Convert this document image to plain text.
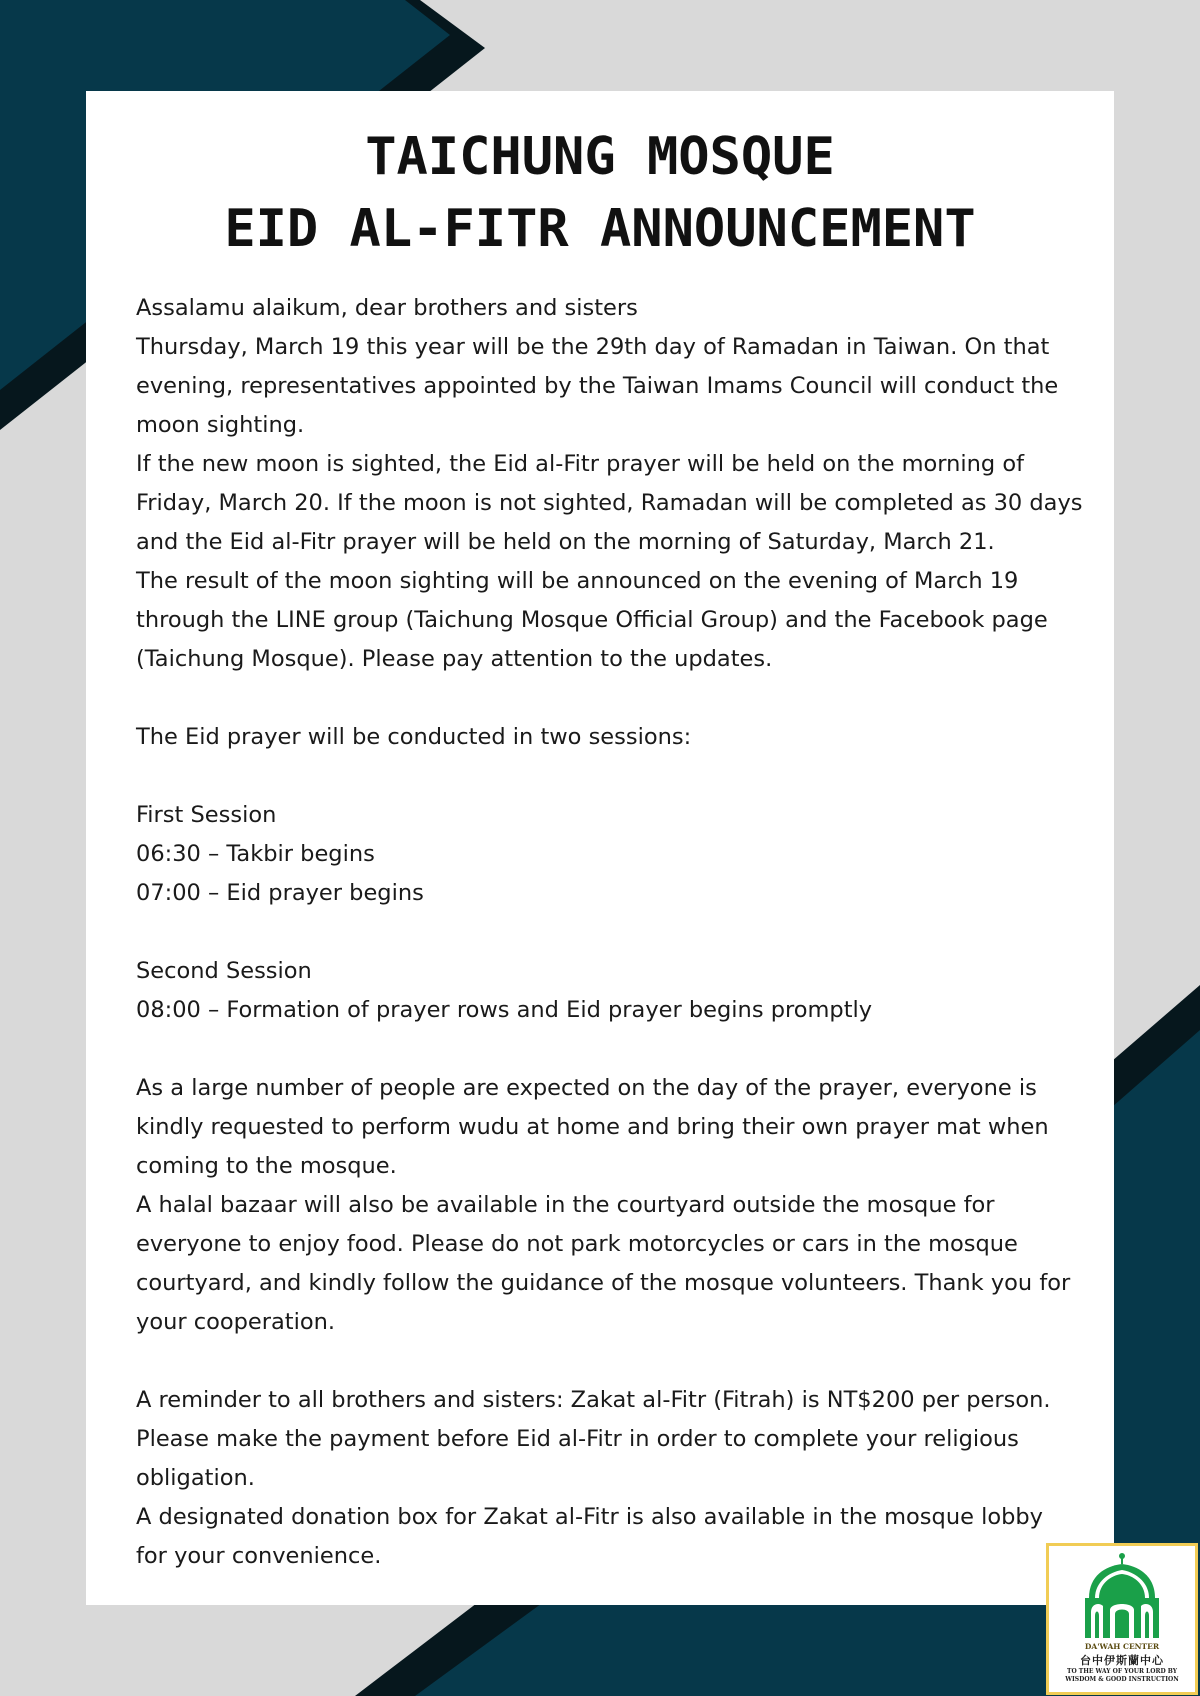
TAICHUNG MOSQUE
EID AL-FITR ANNOUNCEMENT

Assalamu alaikum, dear brothers and sisters

Thursday, March 19 this year will be the 29th day of Ramadan in Taiwan. On that

evening, representatives appointed by the Taiwan Imams Council will conduct the

moon sighting.

If the new moon is sighted, the Eid al-Fitr prayer will be held on the morning of

Friday, March 20. If the moon is not sighted, Ramadan will be completed as 30 days

and the Eid al-Fitr prayer will be held on the morning of Saturday, March 21.

The result of the moon sighting will be announced on the evening of March 19

through the LINE group (Taichung Mosque Official Group) and the Facebook page

(Taichung Mosque). Please pay attention to the updates.

The Eid prayer will be conducted in two sessions:

First Session

06:30 – Takbir begins

07:00 – Eid prayer begins

Second Session

08:00 – Formation of prayer rows and Eid prayer begins promptly

As a large number of people are expected on the day of the prayer, everyone is

kindly requested to perform wudu at home and bring their own prayer mat when

coming to the mosque.

A halal bazaar will also be available in the courtyard outside the mosque for

everyone to enjoy food. Please do not park motorcycles or cars in the mosque

courtyard, and kindly follow the guidance of the mosque volunteers. Thank you for

your cooperation.

A reminder to all brothers and sisters: Zakat al-Fitr (Fitrah) is NT$200 per person.

Please make the payment before Eid al-Fitr in order to complete your religious

obligation.

A designated donation box for Zakat al-Fitr is also available in the mosque lobby

for your convenience.

DA'WAH CENTER
台中伊斯蘭中心
TO THE WAY OF YOUR LORD BY
WISDOM & GOOD INSTRUCTION
